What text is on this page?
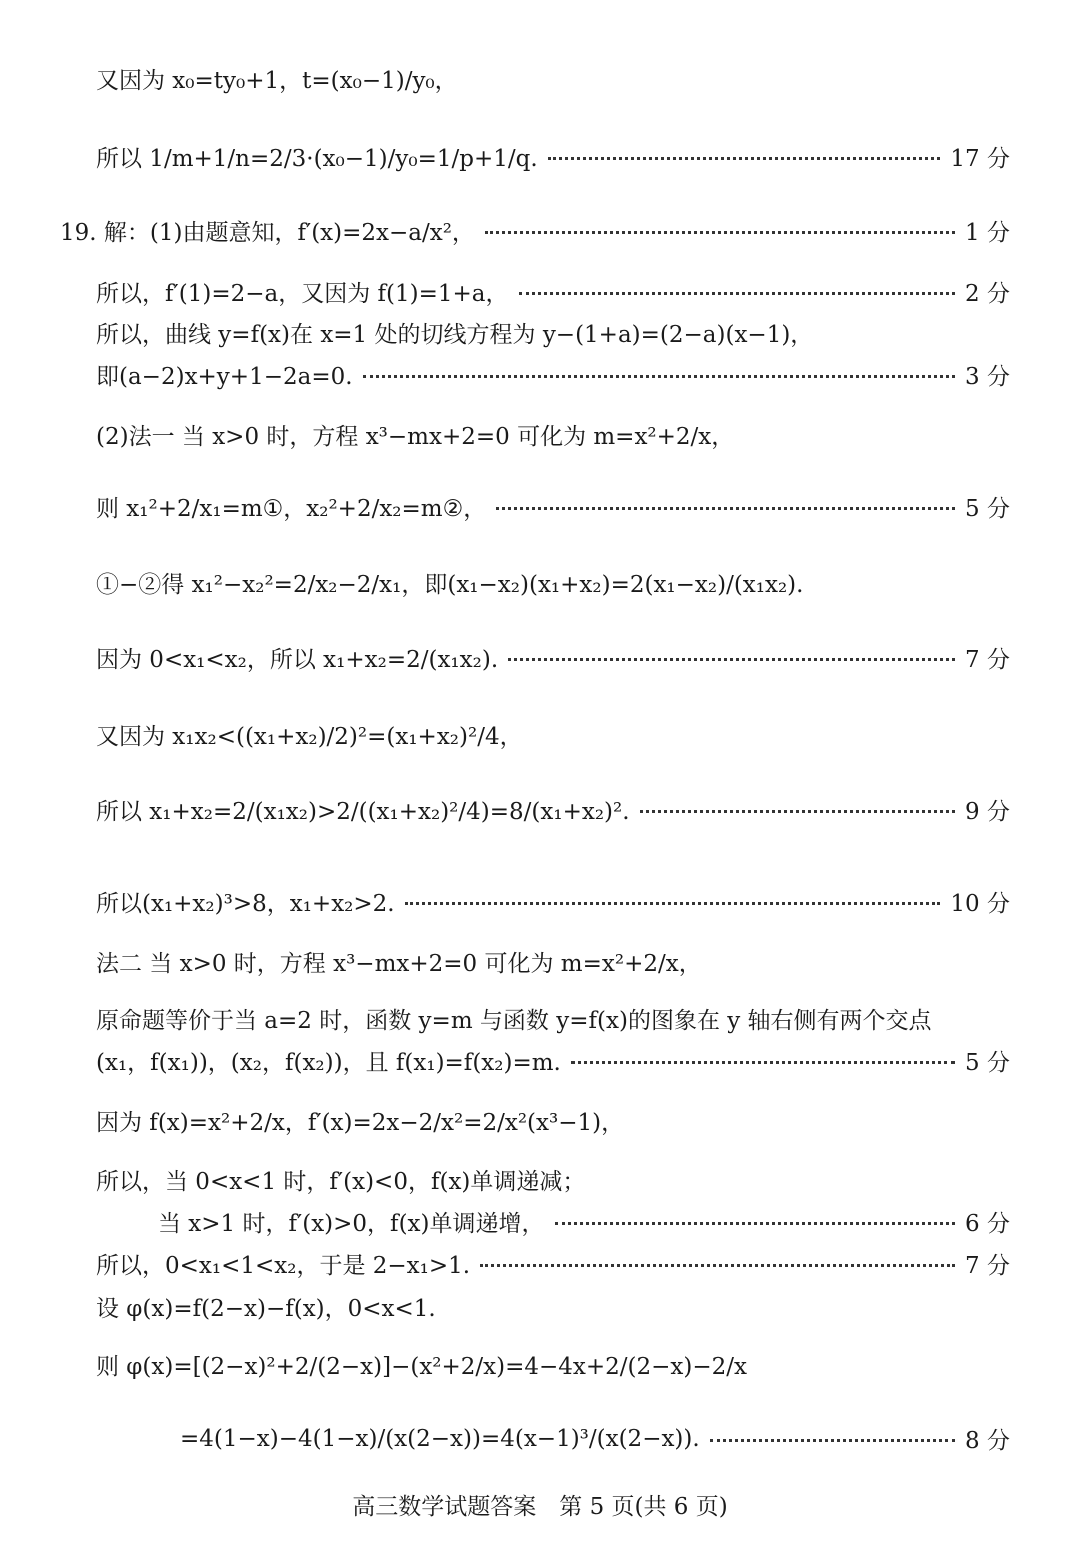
又因为 x₀=ty₀+1，t=(x₀−1)/y₀，
所以 1/m+1/n=2/3·(x₀−1)/y₀=1/p+1/q.	17 分
19. 解：(1)由题意知，f′(x)=2x−a/x²，	1 分
所以，f′(1)=2−a，又因为 f(1)=1+a，	2 分
所以，曲线 y=f(x)在 x=1 处的切线方程为 y−(1+a)=(2−a)(x−1)，
即(a−2)x+y+1−2a=0.	3 分
(2)法一 当 x>0 时，方程 x³−mx+2=0 可化为 m=x²+2/x，
则 x₁²+2/x₁=m①，x₂²+2/x₂=m②，	5 分
①−②得 x₁²−x₂²=2/x₂−2/x₁，即(x₁−x₂)(x₁+x₂)=2(x₁−x₂)/(x₁x₂).
因为 0<x₁<x₂，所以 x₁+x₂=2/(x₁x₂).	7 分
又因为 x₁x₂<((x₁+x₂)/2)²=(x₁+x₂)²/4，
所以 x₁+x₂=2/(x₁x₂)>2/((x₁+x₂)²/4)=8/(x₁+x₂)².	9 分
所以(x₁+x₂)³>8，x₁+x₂>2.	10 分
法二 当 x>0 时，方程 x³−mx+2=0 可化为 m=x²+2/x，
原命题等价于当 a=2 时，函数 y=m 与函数 y=f(x)的图象在 y 轴右侧有两个交点
(x₁，f(x₁))，(x₂，f(x₂))，且 f(x₁)=f(x₂)=m.	5 分
因为 f(x)=x²+2/x，f′(x)=2x−2/x²=2/x²(x³−1)，
所以，当 0<x<1 时，f′(x)<0，f(x)单调递减；
当 x>1 时，f′(x)>0，f(x)单调递增，	6 分
所以，0<x₁<1<x₂，于是 2−x₁>1.	7 分
设 φ(x)=f(2−x)−f(x)，0<x<1.
则 φ(x)=[(2−x)²+2/(2−x)]−(x²+2/x)=4−4x+2/(2−x)−2/x
=4(1−x)−4(1−x)/(x(2−x))=4(x−1)³/(x(2−x)).	8 分
高三数学试题答案　第 5 页(共 6 页)
